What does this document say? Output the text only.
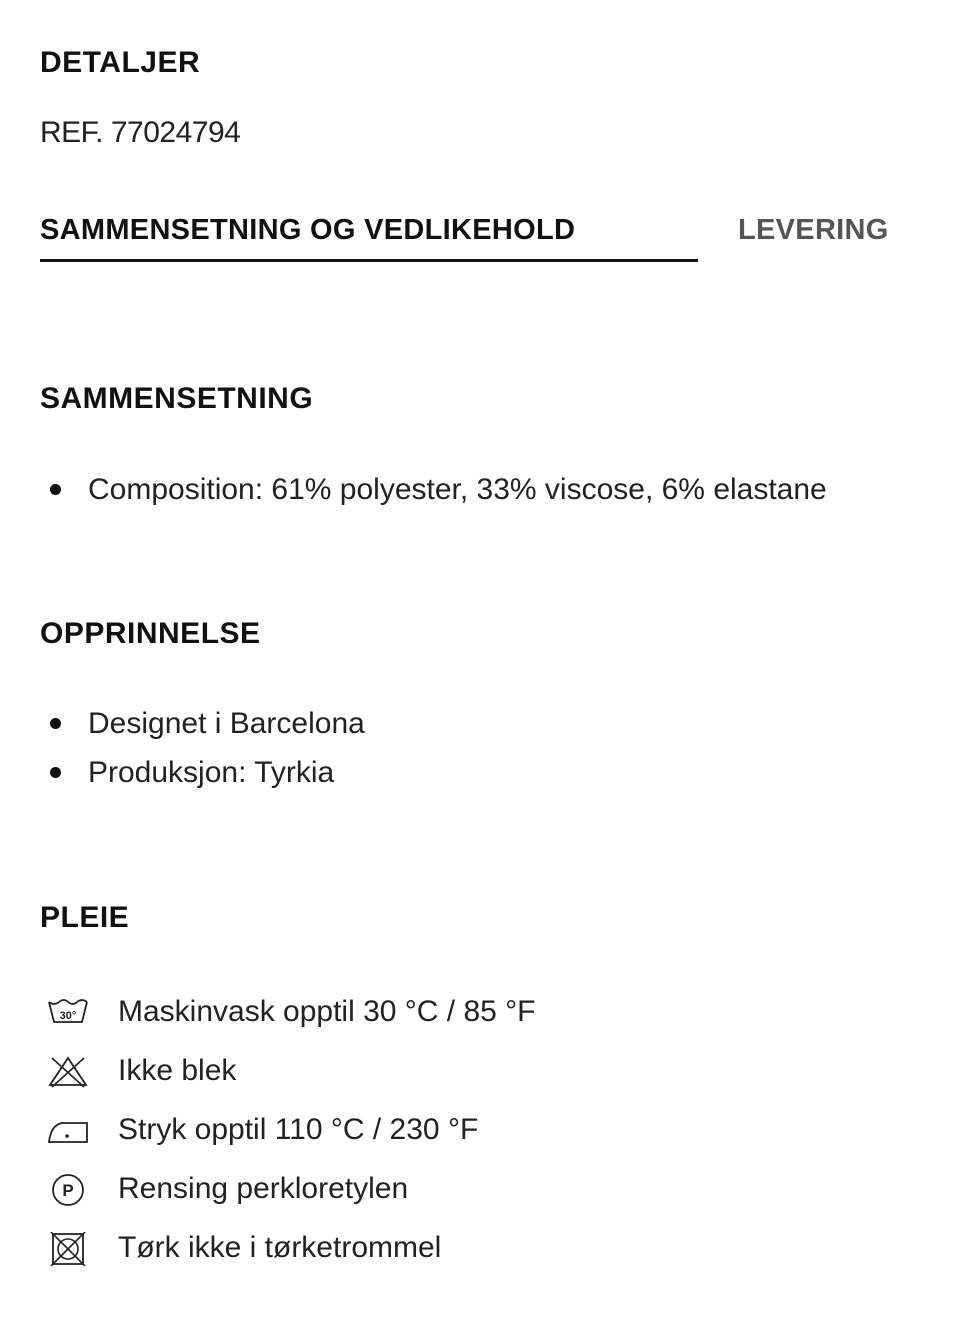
DETALJER
REF. 77024794
SAMMENSETNING OG VEDLIKEHOLD	LEVERING
SAMMENSETNING
Composition: 61% polyester, 33% viscose, 6% elastane
OPPRINNELSE
Designet i Barcelona
Produksjon: Tyrkia
PLEIE
30° Maskinvask opptil 30 °C / 85 °F
Ikke blek
Stryk opptil 110 °C / 230 °F
P Rensing perkloretylen
Tørk ikke i tørketrommel
